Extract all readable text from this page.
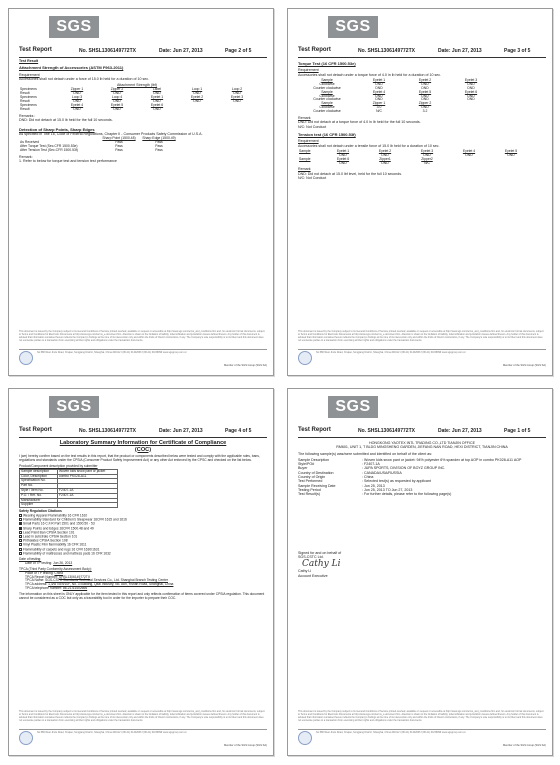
SGS
Test Report	No. SHSL1306149772TX	Date: Jun 27, 2013	Page 2 of 5
Test Result
Attachment Strength of Accessories (ASTM F963-2011)
Requirement
Accessories shall not detach under a force of 15.0 lb held for a duration of 10 sec.
Attachment Strength (lbf)
Specimens	Zipper 1	Zipper 2	Label	Loop 1	Loop 2
Result	DND	DND	DND	DND	DND
Specimens	Loop 3	Loop 4	Eyelet 1	Eyelet 2	Eyelet 3
Result	DND	DND	DND	DND	DND
Specimens	Eyelet 4	Eyelet 5	Eyelet 6		
Result	DND	DND	DND		
Remarks :
DND: Did not detach at 15.0 lb held for the full 10 seconds.
Detection of Sharp Points, Sharp Edges
As specified in Title 16, Code of Federal Regulations, Chapter II - Consumer Products Safety Commission of U.S.A.
	Sharp Point (1500.48)	Sharp Edge (1500.49)
As Received	Pass	Pass
After Torque Test (Sec.CFR 1500.53e)	Pass	Pass
After Tension Test (Sec.CFR 1500.53f)	Pass	Pass
Remark:
1. Refer to below for torque test and tension test performance
This document is issued by the Company subject to its General Conditions of Service printed overleaf, available on request or accessible at http://www.sgs.com/terms_and_conditions.htm and, for electronic format documents, subject to Terms and Conditions for Electronic Documents at http://www.sgs.com/terms_e-document.htm. Attention is drawn to the limitation of liability, indemnification and jurisdiction issues defined therein. Any holder of this document is advised that information contained hereon reflects the Company's findings at the time of its intervention only and within the limits of Client's instructions, if any. The Company's sole responsibility is to its Client and this document does not exonerate parties to a transaction from exercising all their rights and obligations under the transaction documents.
No.588 West Jindu Road, Xinqiao, Songjiang District, Shanghai, China 201612 t (86-21) 61402666 f (86-21) 61156899 www.sgsgroup.com.cn
Member of the SGS Group (SGS SA)
SGS
Test Report	No. SHSL1306149772TX	Date: Jun 27, 2013	Page 3 of 5
Torque Test (16 CFR 1500.53e)
Requirement
Accessories shall not detach under a torque force of 4.0 in lb held for a duration of 10 sec.
Sample	Eyelet 1	Eyelet 2	Eyelet 3
Clockwise	DND	DND	DND
Counter clockwise	DND	DND	DND
Sample	Eyelet 4	Eyelet 5	Eyelet 6
Clockwise	DND	DND	DND
Counter clockwise	DND	DND	DND
Sample	Zipper 1	Zipper 2	
Clockwise	3.0	DND	
Counter clockwise	N/C	3.2	
Remark
DND: Did not detach at a torque force of 4.0 in lb held for the full 10 seconds.
N/C: Not Conduct
Tension test (16 CFR 1500.53f)
Requirement
Accessories shall not detach under a tensile force of 15.0 lb held for a duration of 10 sec.
Sample	Eyelet 1	Eyelet 2	Eyelet 3	Eyelet 4	Eyelet 5
	DND	DND	DND	DND	DND
Sample	Eyelet 6	Zipper1	Zipper2		
	DND	DND	N/C		
Remark
DND: Did not detach at 15.0 lbf level, held for the full 10 seconds.
N/C: Not Conduct
This document is issued by the Company subject to its General Conditions of Service printed overleaf, available on request or accessible at http://www.sgs.com/terms_and_conditions.htm and, for electronic format documents, subject to Terms and Conditions for Electronic Documents at http://www.sgs.com/terms_e-document.htm. Attention is drawn to the limitation of liability, indemnification and jurisdiction issues defined therein. Any holder of this document is advised that information contained hereon reflects the Company's findings at the time of its intervention only and within the limits of Client's instructions, if any. The Company's sole responsibility is to its Client and this document does not exonerate parties to a transaction from exercising all their rights and obligations under the transaction documents.
No.588 West Jindu Road, Xinqiao, Songjiang District, Shanghai, China 201612 t (86-21) 61402666 f (86-21) 61156899 www.sgsgroup.com.cn
Member of the SGS Group (SGS SA)
SGS
Test Report	No. SHSL1306149772TX	Date: Jun 27, 2013	Page 4 of 5
Laboratory Summary Information for Certificate of Compliance
(COC)
I (we) hereby confirm based on the test results in this report, that the product or components described below were tested and comply with the applicable rules, bans, regulations and standards under the CPSIA (Consumer Product Safety Improvement Act) or any other Act enforced by the CPSC and checked on the list below.
Product/Component description provided by submitter
Sample description	Woven kids snow pant or jacket
Color, Description	combo PK028-A11
Specification No.	
Part No.	
Style / Item No.	F2407-1A
P.O. / Ref. No.	F2407-1A
Manufacturer	
Supplier	
Safety Regulation Citations
Wearing Apparel Flammability 16 CFR 1610
Flammability Standard for Children's Sleepwear 16CFR 1615 and 1616
Small Parts 16 C.F.R Part 1501 and 1500.50 - 53
Sharp Points and Edges 16CFR 1500.48 and 49
Lead Paint Ban CPSIA Section 101
Lead in substrate CPSIA Section 101
Phthalates CPSIA Section 108
Vinyl Plastic Film flammability 16 CFR 1611
Flammability of carpets and rugs 16 CFR 1630/1631
Flammability of mattresses and mattress pads 16 CFR 1632
Date of testing:
Date of TP testing: Jun 26, 2013
TPCA (Third Party Conformity Assessment Body):
Place of TP testing: China
TPCA Report Number: SHSL1306149772TX
TPCA Name: SGS-CSTC Standards Technical Services Co., Ltd. Shanghai Branch Testing Center
TPCA address: 1,4/6/7/8/9/10F, No. 3 Building, Qitai Industry, No. 889, Yishan Road, Shanghai, China
TPCA telephone number: 86-21-61402666
The information on this sheet is ONLY applicable for the item tested in this report and only reflects confirmation of items covered under CPSIA regulation. This document cannot be considered as a COC but only as a traceability tool in order for the importer to prepare their COC.
This document is issued by the Company subject to its General Conditions of Service printed overleaf, available on request or accessible at http://www.sgs.com/terms_and_conditions.htm and, for electronic format documents, subject to Terms and Conditions for Electronic Documents at http://www.sgs.com/terms_e-document.htm. Attention is drawn to the limitation of liability, indemnification and jurisdiction issues defined therein. Any holder of this document is advised that information contained hereon reflects the Company's findings at the time of its intervention only and within the limits of Client's instructions, if any. The Company's sole responsibility is to its Client and this document does not exonerate parties to a transaction from exercising all their rights and obligations under the transaction documents.
No.588 West Jindu Road, Xinqiao, Songjiang District, Shanghai, China 201612 t (86-21) 61402666 f (86-21) 61156899 www.sgsgroup.com.cn
Member of the SGS Group (SGS SA)
SGS
Test Report	No. SHSL1306149772TX	Date: Jun 27, 2013	Page 1 of 5
HONGKONG YAOTEX INTL TRADING CO.,LTD TIANJIN OFFICE
RM601, UNIT 1, T BLDG MINGSHENG GARDEN, JIEFANG NAN ROAD, HEXI DISTRICT, TIANJIN CHINA
The following sample(s) was/were submitted and identified on behalf of the client as:
Sample Description	: Woven kids snow pant or jacket: 94% polyester 6% spandex at top AOP in combo PK028-A11 AOP
Style/PO#	: F2407-1A
Buyer	: JUPA SPORTS, DIVISION OF BOYZ GROUP INC.
Country of Destination	: CANADA/USA/RUSSIA
Country of Origin	: China
Test Performed	: Selected test(s) as requested by applicant
Sample Receiving Date	: Jun 25, 2013
Testing Period	: Jun 25, 2013 TO Jun 27, 2013
Test Result(s)	: For further details, please refer to the following page(s)
Signed for and on behalf of
SGS-CSTC Ltd.
Cathy Li
Cathy Li
Account Executive
This document is issued by the Company subject to its General Conditions of Service printed overleaf, available on request or accessible at http://www.sgs.com/terms_and_conditions.htm and, for electronic format documents, subject to Terms and Conditions for Electronic Documents at http://www.sgs.com/terms_e-document.htm. Attention is drawn to the limitation of liability, indemnification and jurisdiction issues defined therein. Any holder of this document is advised that information contained hereon reflects the Company's findings at the time of its intervention only and within the limits of Client's instructions, if any. The Company's sole responsibility is to its Client and this document does not exonerate parties to a transaction from exercising all their rights and obligations under the transaction documents.
No.588 West Jindu Road, Xinqiao, Songjiang District, Shanghai, China 201612 t (86-21) 61402666 f (86-21) 61156899 www.sgsgroup.com.cn
Member of the SGS Group (SGS SA)
